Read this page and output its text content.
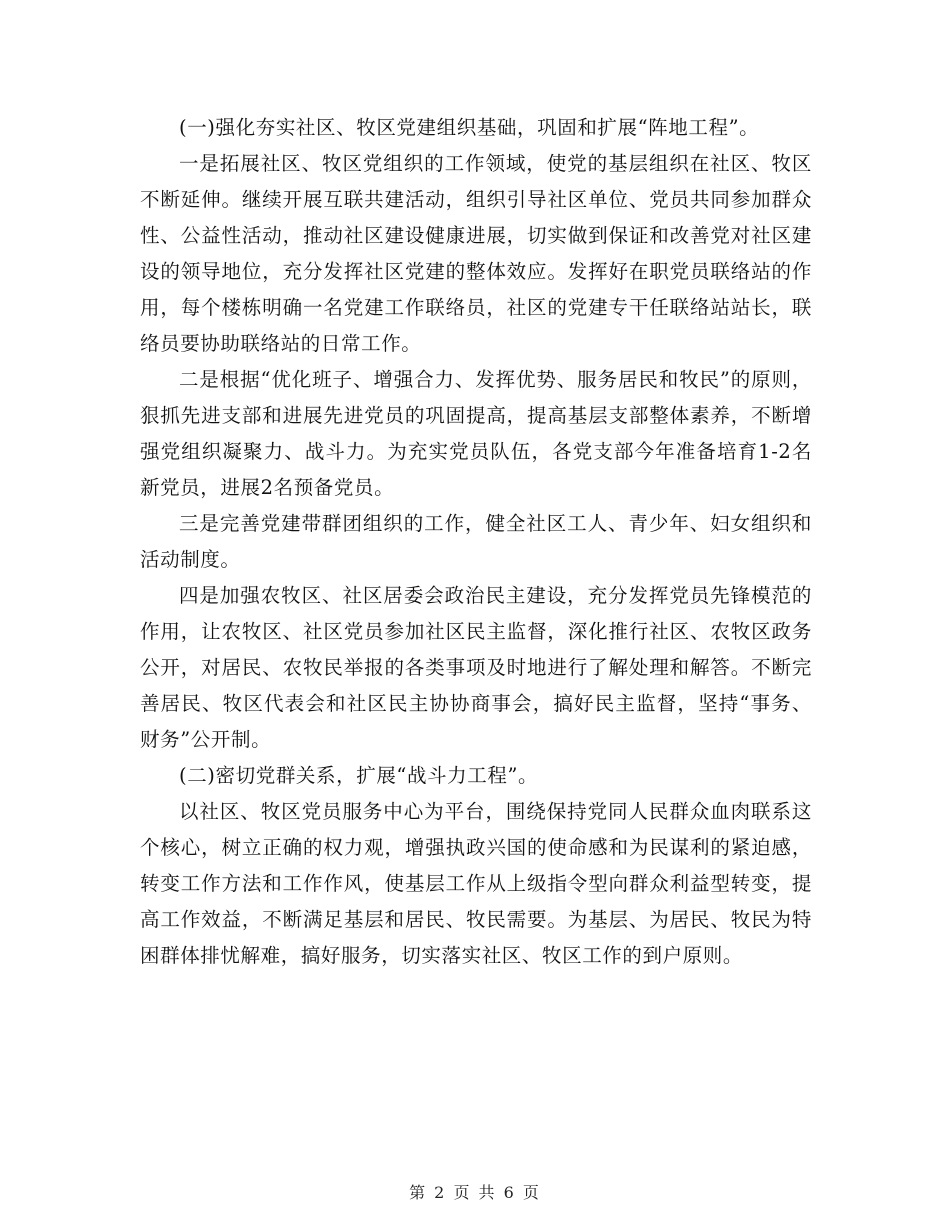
(一)强化夯实社区、牧区党建组织基础，巩固和扩展“阵地工程”。

一是拓展社区、牧区党组织的工作领域，使党的基层组织在社区、牧区不断延伸。继续开展互联共建活动，组织引导社区单位、党员共同参加群众性、公益性活动，推动社区建设健康进展，切实做到保证和改善党对社区建设的领导地位，充分发挥社区党建的整体效应。发挥好在职党员联络站的作用，每个楼栋明确一名党建工作联络员，社区的党建专干任联络站站长，联络员要协助联络站的日常工作。

二是根据“优化班子、增强合力、发挥优势、服务居民和牧民”的原则，狠抓先进支部和进展先进党员的巩固提高，提高基层支部整体素养，不断增强党组织凝聚力、战斗力。为充实党员队伍，各党支部今年准备培育1-2名新党员，进展2名预备党员。

三是完善党建带群团组织的工作，健全社区工人、青少年、妇女组织和活动制度。

四是加强农牧区、社区居委会政治民主建设，充分发挥党员先锋模范的作用，让农牧区、社区党员参加社区民主监督，深化推行社区、农牧区政务公开，对居民、农牧民举报的各类事项及时地进行了解处理和解答。不断完善居民、牧区代表会和社区民主协协商事会，搞好民主监督，坚持“事务、财务”公开制。

(二)密切党群关系，扩展“战斗力工程”。

以社区、牧区党员服务中心为平台，围绕保持党同人民群众血肉联系这个核心，树立正确的权力观，增强执政兴国的使命感和为民谋利的紧迫感，转变工作方法和工作作风，使基层工作从上级指令型向群众利益型转变，提高工作效益，不断满足基层和居民、牧民需要。为基层、为居民、牧民为特困群体排忧解难，搞好服务，切实落实社区、牧区工作的到户原则。

第 2 页 共 6 页
